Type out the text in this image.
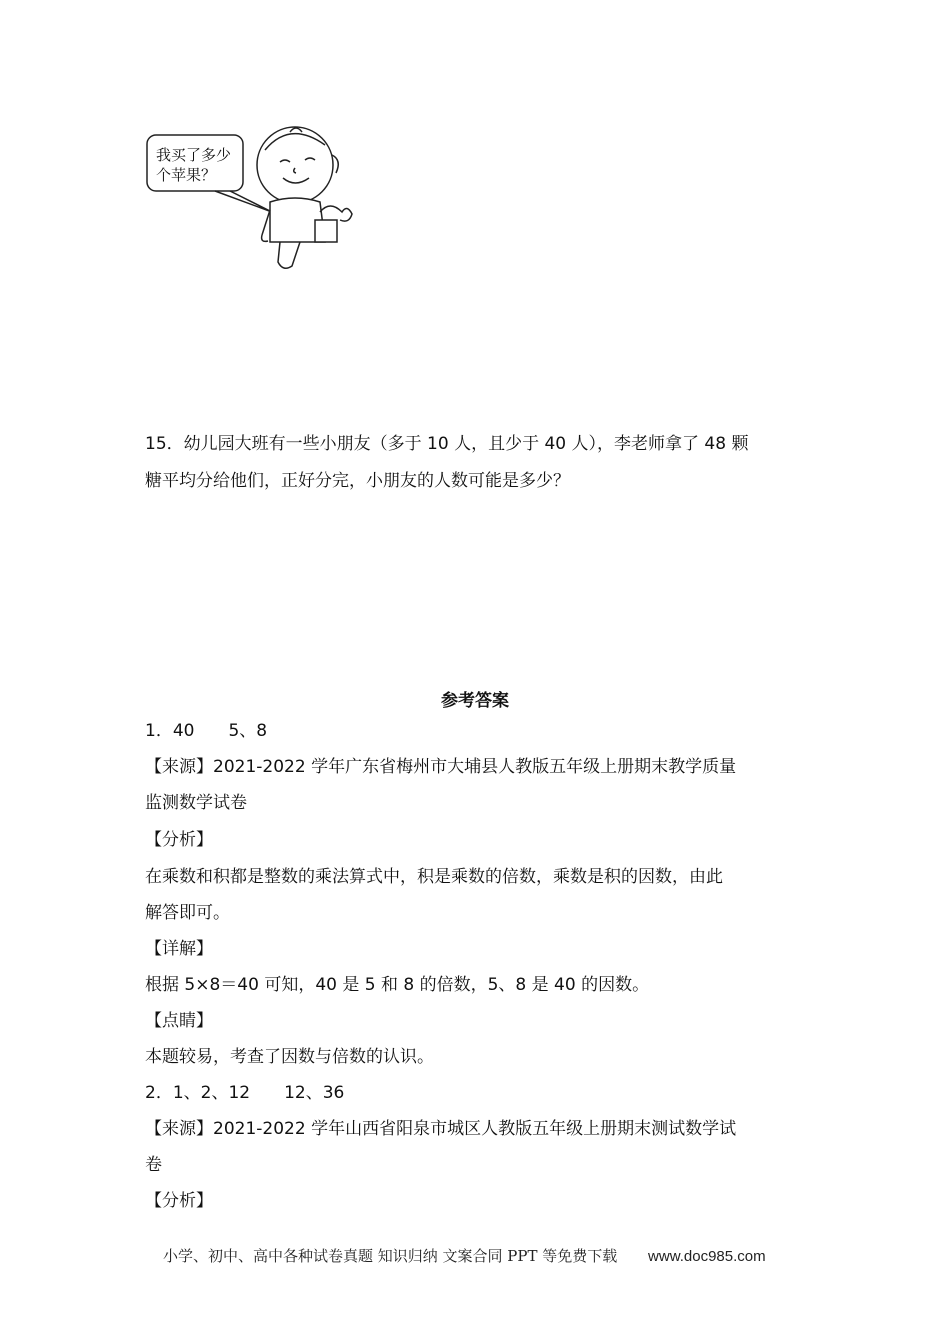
我买了多少
个苹果？
15．幼儿园大班有一些小朋友（多于 10 人，且少于 40 人），李老师拿了 48 颗
糖平均分给他们，正好分完，小朋友的人数可能是多少？
参考答案
1．40　　5、8
【来源】2021-2022 学年广东省梅州市大埔县人教版五年级上册期末教学质量
监测数学试卷
【分析】
在乘数和积都是整数的乘法算式中，积是乘数的倍数，乘数是积的因数，由此
解答即可。
【详解】
根据 5×8＝40 可知，40 是 5 和 8 的倍数，5、8 是 40 的因数。
【点睛】
本题较易，考查了因数与倍数的认识。
2．1、2、12　　12、36
【来源】2021-2022 学年山西省阳泉市城区人教版五年级上册期末测试数学试
卷
【分析】
小学、初中、高中各种试卷真题 知识归纳 文案合同 PPT 等免费下载 www.doc985.com
